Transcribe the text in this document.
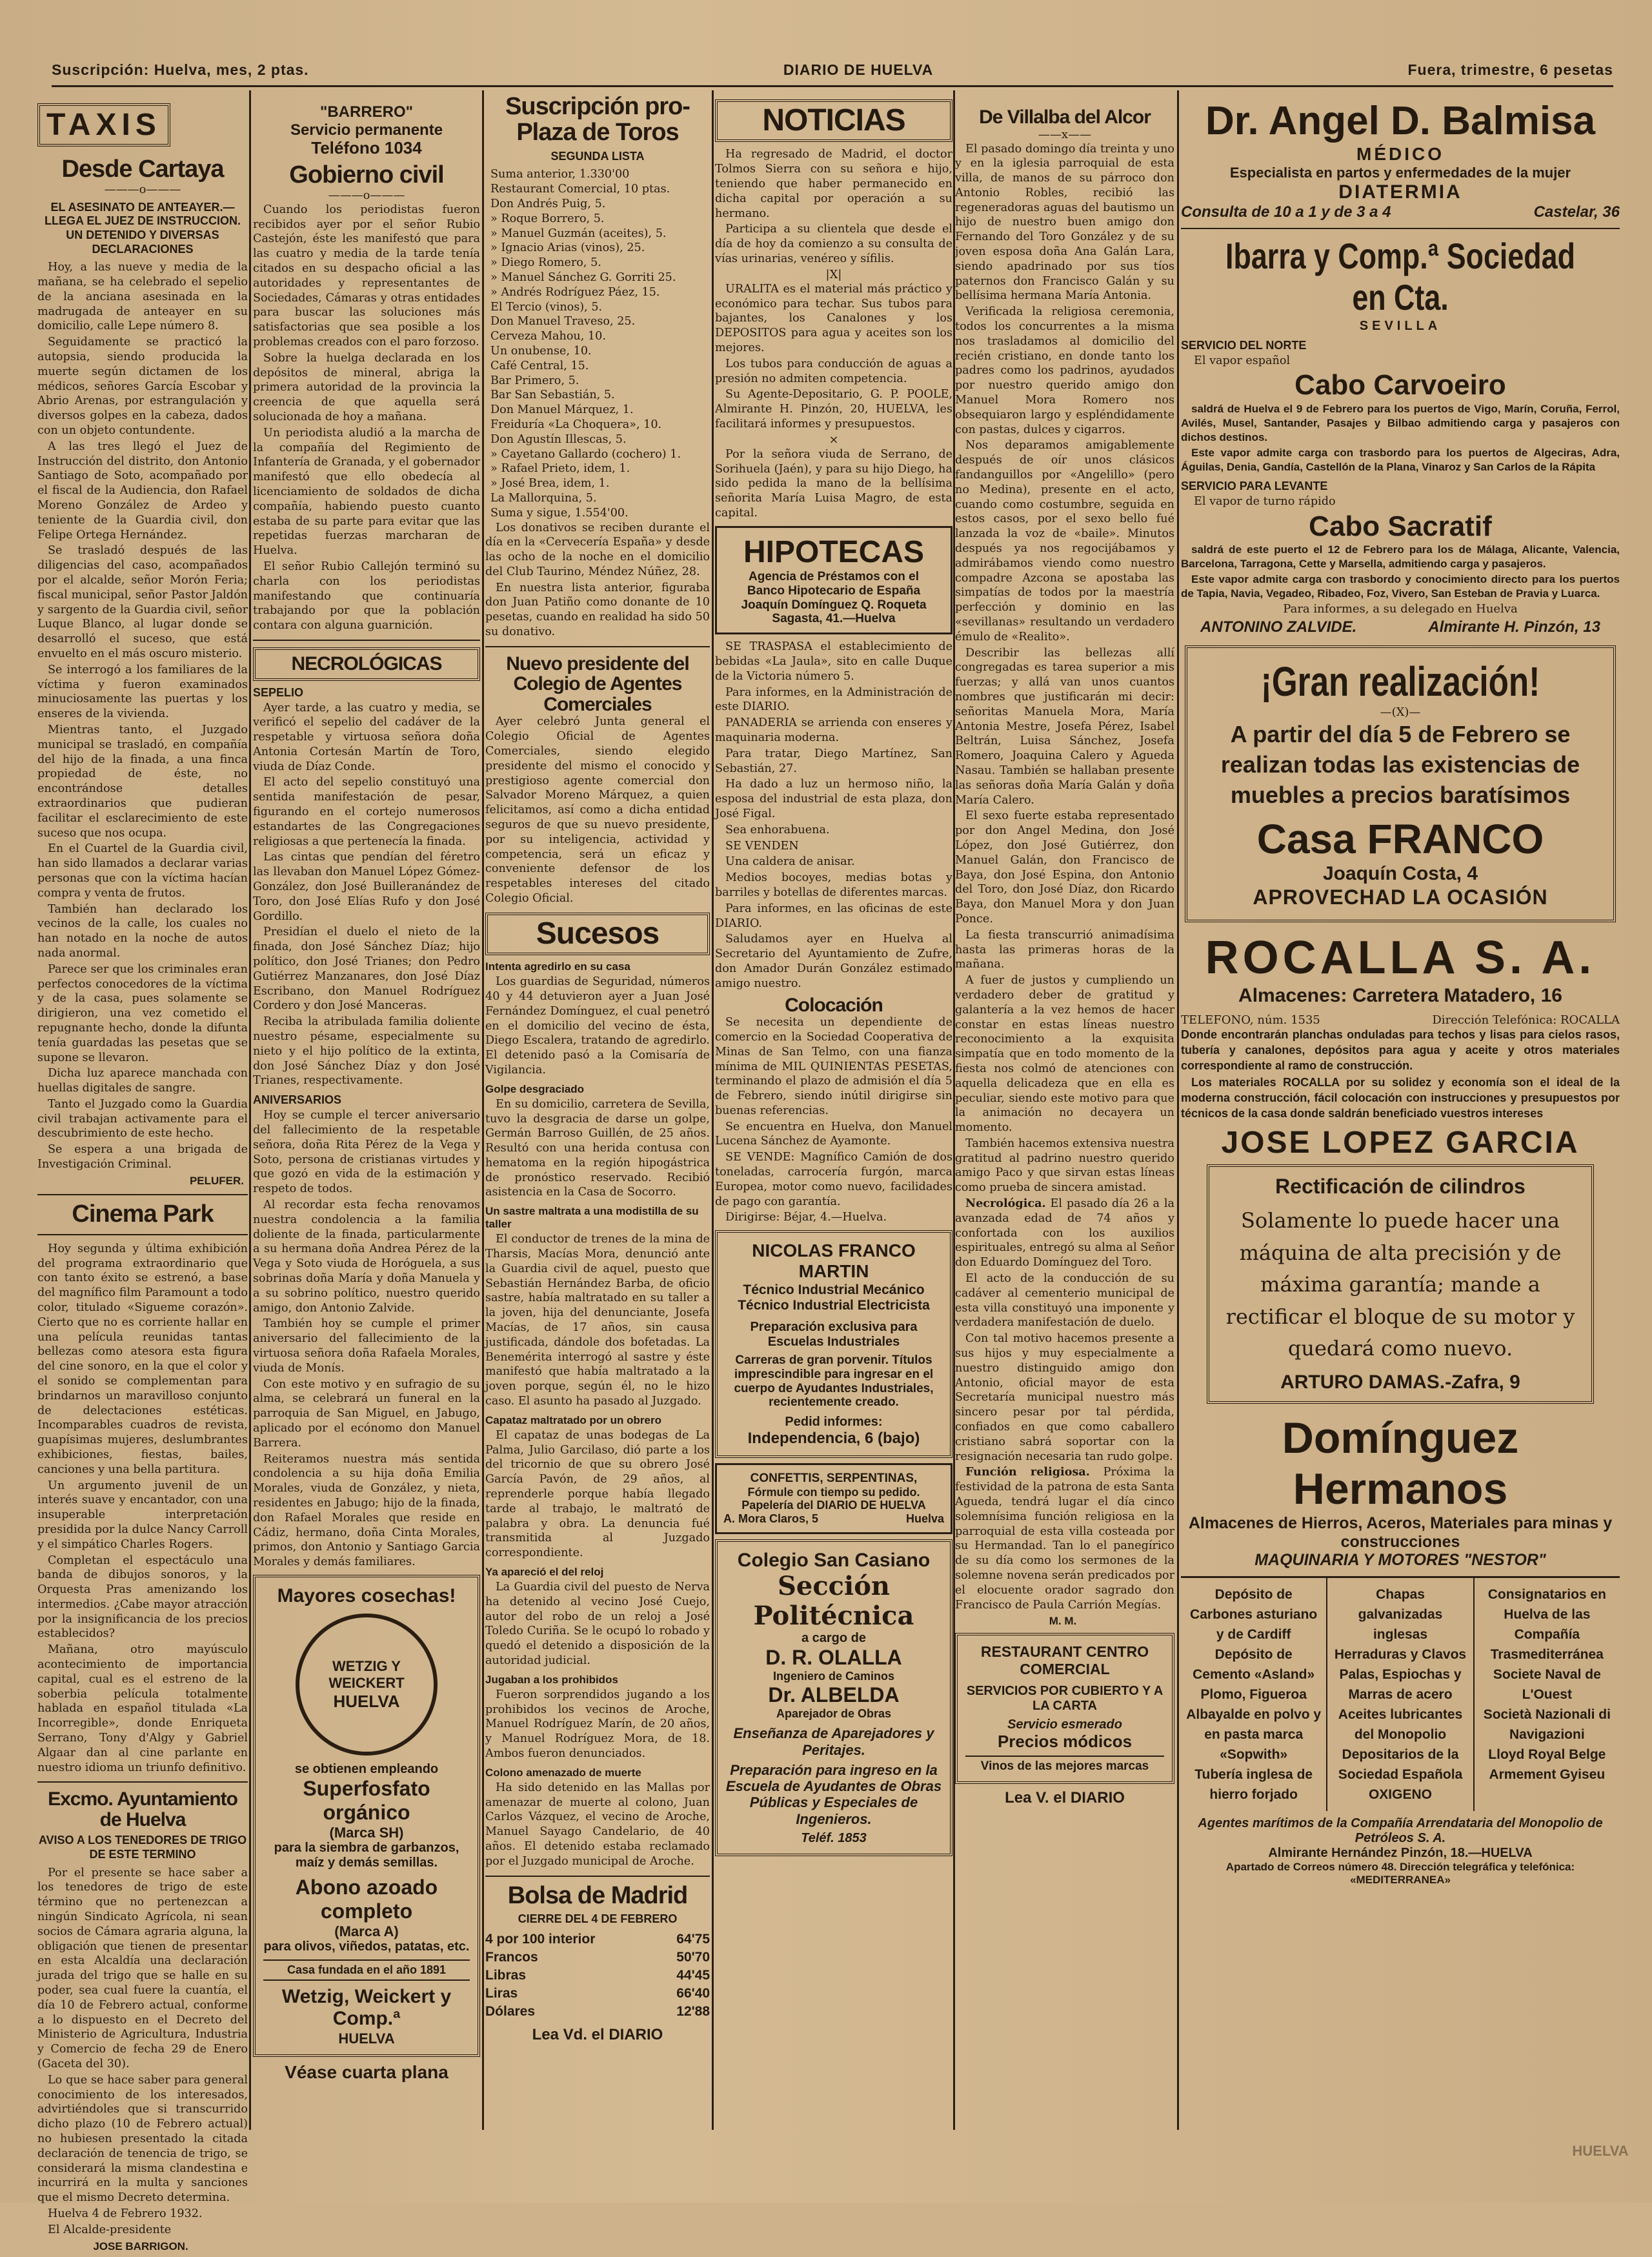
Suscripción: Huelva, mes, 2 ptas.	DIARIO DE HUELVA	Fuera, trimestre, 6 pesetas
TAXIS
Desde Cartaya
———o———
EL ASESINATO DE ANTEAYER.—LLEGA EL JUEZ DE INSTRUCCION. UN DETENIDO Y DIVERSAS DECLARACIONES

Hoy, a las nueve y media de la mañana, se ha celebrado el sepelio de la anciana asesinada en la madrugada de anteayer en su domicilio, calle Lepe número 8.

Seguidamente se practicó la autopsia, siendo producida la muerte según dictamen de los médicos, señores García Escobar y Abrio Arenas, por estrangulación y diversos golpes en la cabeza, dados con un objeto contundente.

A las tres llegó el Juez de Instrucción del distrito, don Antonio Santiago de Soto, acompañado por el fiscal de la Audiencia, don Rafael Moreno González de Ardeo y teniente de la Guardia civil, don Felipe Ortega Hernández.

Se trasladó después de las diligencias del caso, acompañados por el alcalde, señor Morón Feria; fiscal municipal, señor Pastor Jaldón y sargento de la Guardia civil, señor Luque Blanco, al lugar donde se desarrolló el suceso, que está envuelto en el más oscuro misterio.

Se interrogó a los familiares de la víctima y fueron examinados minuciosamente las puertas y los enseres de la vivienda.

Mientras tanto, el Juzgado municipal se trasladó, en compañía del hijo de la finada, a una finca propiedad de éste, no encontrándose detalles extraordinarios que pudieran facilitar el esclarecimiento de este suceso que nos ocupa.

En el Cuartel de la Guardia civil, han sido llamados a declarar varias personas que con la víctima hacían compra y venta de frutos.

También han declarado los vecinos de la calle, los cuales no han notado en la noche de autos nada anormal.

Parece ser que los criminales eran perfectos conocedores de la víctima y de la casa, pues solamente se dirigieron, una vez cometido el repugnante hecho, donde la difunta tenía guardadas las pesetas que se supone se llevaron.

Dicha luz aparece manchada con huellas digitales de sangre.

Tanto el Juzgado como la Guardia civil trabajan activamente para el descubrimiento de este hecho.

Se espera a una brigada de Investigación Criminal.

PELUFER.
Cinema Park

Hoy segunda y última exhibición del programa extraordinario que con tanto éxito se estrenó, a base del magnífico film Paramount a todo color, titulado «Sigueme corazón». Cierto que no es corriente hallar en una película reunidas tantas bellezas como atesora esta figura del cine sonoro, en la que el color y el sonido se complementan para brindarnos un maravilloso conjunto de delectaciones estéticas. Incomparables cuadros de revista, guapísimas mujeres, deslumbrantes exhibiciones, fiestas, bailes, canciones y una bella partitura.

Un argumento juvenil de un interés suave y encantador, con una insuperable interpretación presidida por la dulce Nancy Carroll y el simpático Charles Rogers.

Completan el espectáculo una banda de dibujos sonoros, y la Orquesta Pras amenizando los intermedios. ¿Cabe mayor atracción por la insignificancia de los precios establecidos?

Mañana, otro mayúsculo acontecimiento de importancia capital, cual es el estreno de la soberbia película totalmente hablada en español titulada «La Incorregible», donde Enriqueta Serrano, Tony d'Algy y Gabriel Algaar dan al cine parlante en nuestro idioma un triunfo definitivo.

Excmo. Ayuntamiento de Huelva
AVISO A LOS TENEDORES DE TRIGO DE ESTE TERMINO

Por el presente se hace saber a los tenedores de trigo de este término que no pertenezcan a ningún Sindicato Agrícola, ni sean socios de Cámara agraria alguna, la obligación que tienen de presentar en esta Alcaldía una declaración jurada del trigo que se halle en su poder, sea cual fuere la cuantía, el día 10 de Febrero actual, conforme a lo dispuesto en el Decreto del Ministerio de Agricultura, Industria y Comercio de fecha 29 de Enero (Gaceta del 30).

Lo que se hace saber para general conocimiento de los interesados, advirtiéndoles que si transcurrido dicho plazo (10 de Febrero actual) no hubiesen presentado la citada declaración de tenencia de trigo, se considerará la misma clandestina e incurrirá en la multa y sanciones que el mismo Decreto determina.

Huelva 4 de Febrero 1932.

El Alcalde-presidente

JOSE BARRIGON.
"BARRERO"
Servicio permanente
Teléfono 1034
Gobierno civil
———o———

Cuando los periodistas fueron recibidos ayer por el señor Rubio Castejón, éste les manifestó que para las cuatro y media de la tarde tenía citados en su despacho oficial a las autoridades y representantes de Sociedades, Cámaras y otras entidades para buscar las soluciones más satisfactorias que sea posible a los problemas creados con el paro forzoso.

Sobre la huelga declarada en los depósitos de mineral, abriga la primera autoridad de la provincia la creencia de que aquella será solucionada de hoy a mañana.

Un periodista aludió a la marcha de la compañía del Regimiento de Infantería de Granada, y el gobernador manifestó que ello obedecía al licenciamiento de soldados de dicha compañía, habiendo puesto cuanto estaba de su parte para evitar que las repetidas fuerzas marcharan de Huelva.

El señor Rubio Callejón terminó su charla con los periodistas manifestando que continuaría trabajando por que la población contara con alguna guarnición.

NECROLÓGICAS
SEPELIO

Ayer tarde, a las cuatro y media, se verificó el sepelio del cadáver de la respetable y virtuosa señora doña Antonia Cortesán Martín de Toro, viuda de Díaz Conde.

El acto del sepelio constituyó una sentida manifestación de pesar, figurando en el cortejo numerosos estandartes de las Congregaciones religiosas a que pertenecía la finada.

Las cintas que pendían del féretro las llevaban don Manuel López Gómez-González, don José Builleranández de Toro, don José Elías Rufo y don José Gordillo.

Presidían el duelo el nieto de la finada, don José Sánchez Díaz; hijo político, don José Trianes; don Pedro Gutiérrez Manzanares, don José Díaz Escribano, don Manuel Rodríguez Cordero y don José Manceras.

Reciba la atribulada familia doliente nuestro pésame, especialmente su nieto y el hijo político de la extinta, don José Sánchez Díaz y don José Trianes, respectivamente.

ANIVERSARIOS

Hoy se cumple el tercer aniversario del fallecimiento de la respetable señora, doña Rita Pérez de la Vega y Soto, persona de cristianas virtudes y que gozó en vida de la estimación y respeto de todos.

Al recordar esta fecha renovamos nuestra condolencia a la familia doliente de la finada, particularmente a su hermana doña Andrea Pérez de la Vega y Soto viuda de Horóguela, a sus sobrinas doña María y doña Manuela y a su sobrino político, nuestro querido amigo, don Antonio Zalvide.

También hoy se cumple el primer aniversario del fallecimiento de la virtuosa señora doña Rafaela Morales, viuda de Monís.

Con este motivo y en sufragio de su alma, se celebrará un funeral en la parroquia de San Miguel, en Jabugo, aplicado por el ecónomo don Manuel Barrera.

Reiteramos nuestra más sentida condolencia a su hija doña Emilia Morales, viuda de González, y nieta, residentes en Jabugo; hijo de la finada, don Rafael Morales que reside en Cádiz, hermano, doña Cinta Morales, primos, don Antonio y Santiago Garcia Morales y demás familiares.

Mayores cosechas!
WETZIG Y WEICKERT
HUELVA
se obtienen empleando
Superfosfato orgánico
(Marca SH)
para la siembra de garbanzos, maíz y demás semillas.
Abono azoado completo
(Marca A)
para olivos, viñedos, patatas, etc.
Casa fundada en el año 1891
Wetzig, Weickert y Comp.ª
HUELVA
Véase cuarta plana
Suscripción pro-Plaza de Toros
SEGUNDA LISTA
Suma anterior, 1.330'00
Restaurant Comercial, 10 ptas.
Don Andrés Puig, 5.
» Roque Borrero, 5.
» Manuel Guzmán (aceites), 5.
» Ignacio Arias (vinos), 25.
» Diego Romero, 5.
» Manuel Sánchez G. Gorriti 25.
» Andrés Rodríguez Páez, 15.
El Tercio (vinos), 5.
Don Manuel Traveso, 25.
Cerveza Mahou, 10.
Un onubense, 10.
Café Central, 15.
Bar Primero, 5.
Bar San Sebastián, 5.
Don Manuel Márquez, 1.
Freiduría «La Choquera», 10.
Don Agustín Illescas, 5.
» Cayetano Gallardo (cochero) 1.
» Rafael Prieto, idem, 1.
» José Brea, idem, 1.
La Mallorquina, 5.
Suma y sigue, 1.554'00.

Los donativos se reciben durante el día en la «Cervecería España» y desde las ocho de la noche en el domicilio del Club Taurino, Méndez Núñez, 28.

En nuestra lista anterior, figuraba don Juan Patiño como donante de 10 pesetas, cuando en realidad ha sido 50 su donativo.

Nuevo presidente del Colegio de Agentes Comerciales

Ayer celebró Junta general el Colegio Oficial de Agentes Comerciales, siendo elegido presidente del mismo el conocido y prestigioso agente comercial don Salvador Moreno Márquez, a quien felicitamos, así como a dicha entidad seguros de que su nuevo presidente, por su inteligencia, actividad y competencia, será un eficaz y conveniente defensor de los respetables intereses del citado Colegio Oficial.

Sucesos
Intenta agredirlo en su casa

Los guardias de Seguridad, números 40 y 44 detuvieron ayer a Juan José Fernández Domínguez, el cual penetró en el domicilio del vecino de ésta, Diego Escalera, tratando de agredirlo. El detenido pasó a la Comisaría de Vigilancia.

Golpe desgraciado

En su domicilio, carretera de Sevilla, tuvo la desgracia de darse un golpe, Germán Barroso Guillén, de 25 años. Resultó con una herida contusa con hematoma en la región hipogástrica de pronóstico reservado. Recibió asistencia en la Casa de Socorro.

Un sastre maltrata a una modistilla de su taller

El conductor de trenes de la mina de Tharsis, Macías Mora, denunció ante la Guardia civil de aquel, puesto que Sebastián Hernández Barba, de oficio sastre, había maltratado en su taller a la joven, hija del denunciante, Josefa Macías, de 17 años, sin causa justificada, dándole dos bofetadas. La Benemérita interrogó al sastre y éste manifestó que había maltratado a la joven porque, según él, no le hizo caso. El asunto ha pasado al Juzgado.

Capataz maltratado por un obrero

El capataz de unas bodegas de La Palma, Julio Garcilaso, dió parte a los del tricornio de que su obrero José García Pavón, de 29 años, al reprenderle porque había llegado tarde al trabajo, le maltrató de palabra y obra. La denuncia fué transmitida al Juzgado correspondiente.

Ya apareció el del reloj

La Guardia civil del puesto de Nerva ha detenido al vecino José Cuejo, autor del robo de un reloj a José Toledo Curiña. Se le ocupó lo robado y quedó el detenido a disposición de la autoridad judicial.

Jugaban a los prohibidos

Fueron sorprendidos jugando a los prohibidos los vecinos de Aroche, Manuel Rodríguez Marín, de 20 años, y Manuel Rodríguez Mora, de 18. Ambos fueron denunciados.

Colono amenazado de muerte

Ha sido detenido en las Mallas por amenazar de muerte al colono, Juan Carlos Vázquez, el vecino de Aroche, Manuel Sayago Candelario, de 40 años. El detenido estaba reclamado por el Juzgado municipal de Aroche.

Bolsa de Madrid
CIERRE DEL 4 DE FEBRERO
4 por 100 interior	64'75
Francos	50'70
Libras	44'45
Liras	66'40
Dólares	12'88
Lea Vd. el DIARIO
NOTICIAS

Ha regresado de Madrid, el doctor Tolmos Sierra con su señora e hijo, teniendo que haber permanecido en dicha capital por operación a su hermano.

Participa a su clientela que desde el día de hoy da comienzo a su consulta de vías urinarias, venéreo y sífilis.

|X|

URALITA es el material más práctico y económico para techar. Sus tubos para bajantes, los Canalones y los DEPOSITOS para agua y aceites son los mejores.

Los tubos para conducción de aguas a presión no admiten competencia.

Su Agente-Depositario, G. P. POOLE, Almirante H. Pinzón, 20, HUELVA, les facilitará informes y presupuestos.

×

Por la señora viuda de Serrano, de Sorihuela (Jaén), y para su hijo Diego, ha sido pedida la mano de la bellísima señorita María Luisa Magro, de esta capital.

HIPOTECAS
Agencia de Préstamos con el
Banco Hipotecario de España
Joaquín Domínguez Q. Roqueta
Sagasta, 41.—Huelva

SE TRASPASA el establecimiento de bebidas «La Jaula», sito en calle Duque de la Victoria número 5.

Para informes, en la Administración de este DIARIO.

PANADERIA se arrienda con enseres y maquinaria moderna.

Para tratar, Diego Martínez, San Sebastián, 27.

Ha dado a luz un hermoso niño, la esposa del industrial de esta plaza, don José Figal.

Sea enhorabuena.

SE VENDEN

Una caldera de anisar.

Medios bocoyes, medias botas y barriles y botellas de diferentes marcas.

Para informes, en las oficinas de este DIARIO.

Saludamos ayer en Huelva al Secretario del Ayuntamiento de Zufre, don Amador Durán González estimado amigo nuestro.

Colocación

Se necesita un dependiente de comercio en la Sociedad Cooperativa de Minas de San Telmo, con una fianza mínima de MIL QUINIENTAS PESETAS, terminando el plazo de admisión el día 5 de Febrero, siendo inútil dirigirse sin buenas referencias.

Se encuentra en Huelva, don Manuel Lucena Sánchez de Ayamonte.

SE VENDE: Magnífico Camión de dos toneladas, carrocería furgón, marca Europea, motor como nuevo, facilidades de pago con garantía.

Dirigirse: Béjar, 4.—Huelva.

NICOLAS FRANCO MARTIN
Técnico Industrial Mecánico
Técnico Industrial Electricista
Preparación exclusiva para Escuelas Industriales
Carreras de gran porvenir. Títulos imprescindible para ingresar en el cuerpo de Ayudantes Industriales, recientemente creado.
Pedid informes:
Independencia, 6 (bajo)
CONFETTIS, SERPENTINAS,
Fórmule con tiempo su pedido.
Papelería del DIARIO DE HUELVA
A. Mora Claros, 5	Huelva
Colegio San Casiano
Sección Politécnica
a cargo de
D. R. OLALLA
Ingeniero de Caminos
Dr. ALBELDA
Aparejador de Obras
Enseñanza de Aparejadores y Peritajes.
Preparación para ingreso en la Escuela de Ayudantes de Obras Públicas y Especiales de Ingenieros.
Teléf. 1853
De Villalba del Alcor
——x——

El pasado domingo día treinta y uno y en la iglesia parroquial de esta villa, de manos de su párroco don Antonio Robles, recibió las regeneradoras aguas del bautismo un hijo de nuestro buen amigo don Fernando del Toro González y de su joven esposa doña Ana Galán Lara, siendo apadrinado por sus tíos paternos don Francisco Galán y su bellísima hermana María Antonia.

Verificada la religiosa ceremonia, todos los concurrentes a la misma nos trasladamos al domicilio del recién cristiano, en donde tanto los padres como los padrinos, ayudados por nuestro querido amigo don Manuel Mora Romero nos obsequiaron largo y espléndidamente con pastas, dulces y cigarros.

Nos deparamos amigablemente después de oír unos clásicos fandanguillos por «Angelillo» (pero no Medina), presente en el acto, cuando como costumbre, seguida en estos casos, por el sexo bello fué lanzada la voz de «baile». Minutos después ya nos regocijábamos y admirábamos viendo como nuestro compadre Azcona se apostaba las simpatías de todos por la maestría perfección y dominio en las «sevillanas» resultando un verdadero émulo de «Realito».

Describir las bellezas allí congregadas es tarea superior a mis fuerzas; y allá van unos cuantos nombres que justificarán mi decir: señoritas Manuela Mora, María Antonia Mestre, Josefa Pérez, Isabel Beltrán, Luisa Sánchez, Josefa Romero, Joaquina Calero y Agueda Nasau. También se hallaban presente las señoras doña María Galán y doña María Calero.

El sexo fuerte estaba representado por don Angel Medina, don José López, don José Gutiérrez, don Manuel Galán, don Francisco de Baya, don José Espina, don Antonio del Toro, don José Díaz, don Ricardo Baya, don Manuel Mora y don Juan Ponce.

La fiesta transcurrió animadísima hasta las primeras horas de la mañana.

A fuer de justos y cumpliendo un verdadero deber de gratitud y galantería a la vez hemos de hacer constar en estas líneas nuestro reconocimiento a la exquisita simpatía que en todo momento de la fiesta nos colmó de atenciones con aquella delicadeza que en ella es peculiar, siendo este motivo para que la animación no decayera un momento.

También hacemos extensiva nuestra gratitud al padrino nuestro querido amigo Paco y que sirvan estas líneas como prueba de sincera amistad.

Necrológica. El pasado día 26 a la avanzada edad de 74 años y confortada con los auxilios espirituales, entregó su alma al Señor don Eduardo Domínguez del Toro.

El acto de la conducción de su cadáver al cementerio municipal de esta villa constituyó una imponente y verdadera manifestación de duelo.

Con tal motivo hacemos presente a sus hijos y muy especialmente a nuestro distinguido amigo don Antonio, oficial mayor de esta Secretaría municipal nuestro más sincero pesar por tal pérdida, confiados en que como caballero cristiano sabrá soportar con la resignación necesaria tan rudo golpe.

Función religiosa. Próxima la festividad de la patrona de esta Santa Agueda, tendrá lugar el día cinco solemnísima función religiosa en la parroquial de esta villa costeada por su Hermandad. Tan lo el panegírico de su día como los sermones de la solemne novena serán predicados por el elocuente orador sagrado don Francisco de Paula Carrión Megías.

M. M.
RESTAURANT CENTRO COMERCIAL
SERVICIOS POR CUBIERTO Y A LA CARTA
Servicio esmerado
Precios módicos
Vinos de las mejores marcas
Lea V. el DIARIO
Dr. Angel D. Balmisa
MÉDICO
Especialista en partos y enfermedades de la mujer
DIATERMIA
Consulta de 10 a 1 y de 3 a 4	Castelar, 36
Ibarra y Comp.ª Sociedad en Cta.
SEVILLA
SERVICIO DEL NORTE
El vapor español
Cabo Carvoeiro
saldrá de Huelva el 9 de Febrero para los puertos de Vigo, Marín, Coruña, Ferrol, Avilés, Musel, Santander, Pasajes y Bilbao admitiendo carga y pasajeros con dichos destinos.
Este vapor admite carga con trasbordo para los puertos de Algeciras, Adra, Águilas, Denia, Gandía, Castellón de la Plana, Vinaroz y San Carlos de la Rápita
SERVICIO PARA LEVANTE
El vapor de turno rápido
Cabo Sacratif
saldrá de este puerto el 12 de Febrero para los de Málaga, Alicante, Valencia, Barcelona, Tarragona, Cette y Marsella, admitiendo carga y pasajeros.
Este vapor admite carga con trasbordo y conocimiento directo para los puertos de Tapia, Navia, Vegadeo, Ribadeo, Foz, Vivero, San Esteban de Pravia y Luarca.
Para informes, a su delegado en Huelva
ANTONINO ZALVIDE.	Almirante H. Pinzón, 13
¡Gran realización!
—(X)—
A partir del día 5 de Febrero se realizan todas las existencias de muebles a precios baratísimos
Casa FRANCO
Joaquín Costa, 4
APROVECHAD LA OCASIÓN
ROCALLA S. A.
Almacenes: Carretera Matadero, 16
TELEFONO, núm. 1535	Dirección Telefónica: ROCALLA
Donde encontrarán planchas onduladas para techos y lisas para cielos rasos, tubería y canalones, depósitos para agua y aceite y otros materiales correspondiente al ramo de construcción.
Los materiales ROCALLA por su solidez y economía son el ideal de la moderna construcción, fácil colocación con instrucciones y presupuestos por técnicos de la casa donde saldrán beneficiado vuestros intereses
JOSE LOPEZ GARCIA
Rectificación de cilindros
Solamente lo puede hacer una máquina de alta precisión y de máxima garantía; mande a rectificar el bloque de su motor y quedará como nuevo.
ARTURO DAMAS.-Zafra, 9
Domínguez Hermanos
Almacenes de Hierros, Aceros, Materiales para minas y construcciones
MAQUINARIA Y MOTORES "NESTOR"
Depósito de Carbones asturiano y de Cardiff
Depósito de Cemento «Asland»
Plomo, Figueroa
Albayalde en polvo y en pasta marca «Sopwith»
Tubería inglesa de hierro forjado
Chapas galvanizadas inglesas
Herraduras y Clavos
Palas, Espiochas y Marras de acero
Aceites lubricantes del Monopolio
Depositarios de la Sociedad Española OXIGENO
Consignatarios en Huelva de las
Compañía Trasmediterránea
Societe Naval de L'Ouest
Società Nazionali di Navigazioni
Lloyd Royal Belge
Armement Gyiseu
Agentes marítimos de la Compañía Arrendataria del Monopolio de Petróleos S. A.
Almirante Hernández Pinzón, 18.—HUELVA
Apartado de Correos número 48. Dirección telegráfica y telefónica: «MEDITERRANEA»
HUELVA
